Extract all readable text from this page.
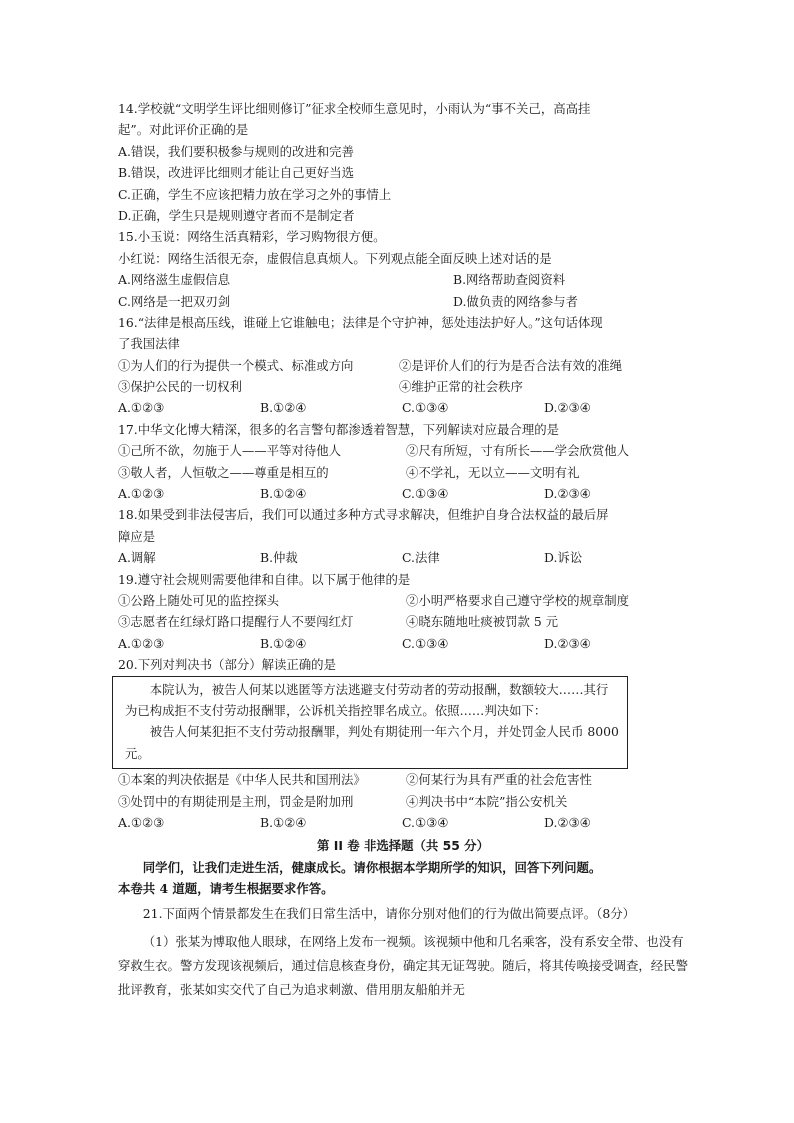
14.学校就“文明学生评比细则修订”征求全校师生意见时，小雨认为“事不关己，高高挂
起”。对此评价正确的是
A.错误，我们要积极参与规则的改进和完善
B.错误，改进评比细则才能让自己更好当选
C.正确，学生不应该把精力放在学习之外的事情上
D.正确，学生只是规则遵守者而不是制定者
15.小玉说：网络生活真精彩，学习购物很方便。
小红说：网络生活很无奈，虚假信息真烦人。下列观点能全面反映上述对话的是
A.网络滋生虚假信息	B.网络帮助查阅资料
C.网络是一把双刃剑	D.做负责的网络参与者
16.“法律是根高压线，谁碰上它谁触电；法律是个守护神，惩处违法护好人。”这句话体现
了我国法律
①为人们的行为提供一个模式、标准或方向	②是评价人们的行为是否合法有效的准绳
③保护公民的一切权利	④维护正常的社会秩序
A.①②③	B.①②④	C.①③④	D.②③④
17.中华文化博大精深，很多的名言警句都渗透着智慧，下列解读对应最合理的是
①己所不欲，勿施于人——平等对待他人	②尺有所短，寸有所长——学会欣赏他人
③敬人者，人恒敬之——尊重是相互的	④不学礼，无以立——文明有礼
A.①②③	B.①②④	C.①③④	D.②③④
18.如果受到非法侵害后，我们可以通过多种方式寻求解决，但维护自身合法权益的最后屏
障应是
A.调解	B.仲裁	C.法律	D.诉讼
19.遵守社会规则需要他律和自律。以下属于他律的是
①公路上随处可见的监控探头	②小明严格要求自己遵守学校的规章制度
③志愿者在红绿灯路口提醒行人不要闯红灯	④晓东随地吐痰被罚款 5 元
A.①②③	B.①②④	C.①③④	D.②③④
20.下列对判决书（部分）解读正确的是
本院认为，被告人何某以逃匿等方法逃避支付劳动者的劳动报酬，数额较大……其行为已构成拒不支付劳动报酬罪，公诉机关指控罪名成立。依照……判决如下：
被告人何某犯拒不支付劳动报酬罪，判处有期徒刑一年六个月，并处罚金人民币 8000 元。
①本案的判决依据是《中华人民共和国刑法》	②何某行为具有严重的社会危害性
③处罚中的有期徒刑是主刑，罚金是附加刑	④判决书中“本院”指公安机关
A.①②③	B.①②④	C.①③④	D.②③④
第 II 卷 非选择题（共 55 分）
同学们，让我们走进生活，健康成长。请你根据本学期所学的知识，回答下列问题。
本卷共 4 道题，请考生根据要求作答。
21.下面两个情景都发生在我们日常生活中，请你分别对他们的行为做出简要点评。（8分）
（1）张某为博取他人眼球，在网络上发布一视频。该视频中他和几名乘客，没有系安全带、也没有穿救生衣。警方发现该视频后，通过信息核查身份，确定其无证驾驶。随后，将其传唤接受调查，经民警批评教育，张某如实交代了自己为追求刺激、借用朋友船舶并无
